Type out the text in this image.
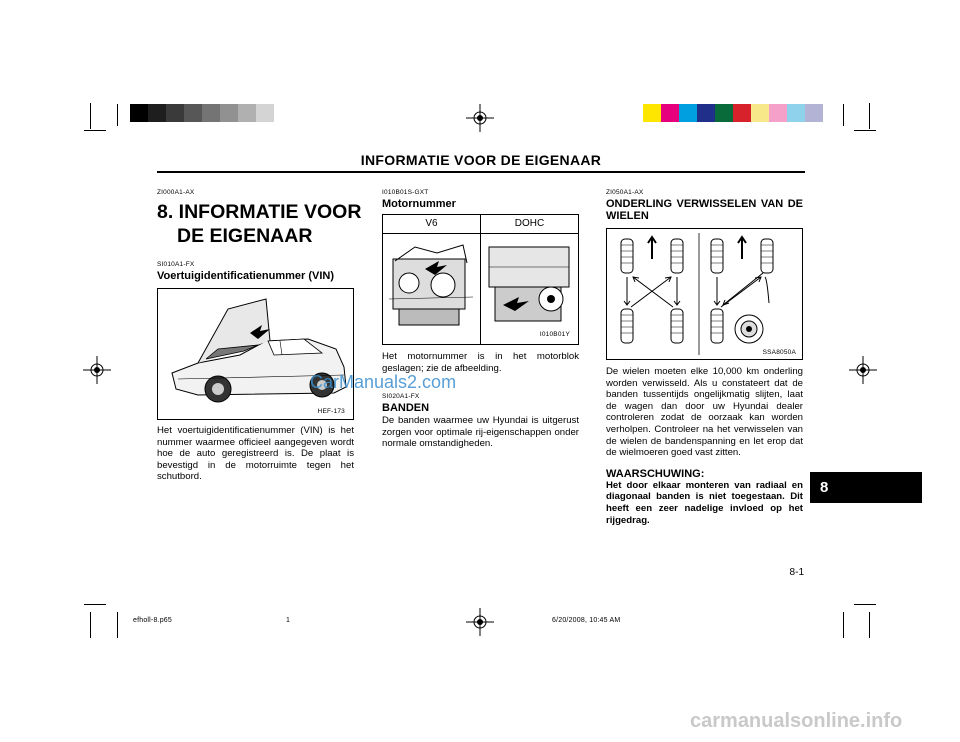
INFORMATIE VOOR DE EIGENAAR
ZI000A1-AX
8. INFORMATIE VOOR
DE EIGENAAR
SI010A1-FX
Voertuigidentificatienummer (VIN)
HEF-173
Het voertuigidentificatienummer (VIN) is het nummer waarmee officieel aangegeven wordt hoe de auto geregistreerd is. De plaat is bevestigd in de motorruimte tegen het schutbord.
I010B01S-GXT
Motornummer
V6	DOHC
I010B01Y
Het motornummer is in het motorblok geslagen; zie de afbeelding.
CarManuals2.com
SI020A1-FX
BANDEN
De banden waarmee uw Hyundai is uitgerust zorgen voor optimale rij-eigenschappen onder normale omstandigheden.
ZI050A1-AX
ONDERLING VERWISSELEN VAN DE WIELEN
SSA8050A
De wielen moeten elke 10,000 km onderling worden verwisseld. Als u constateert dat de banden tussentijds ongelijkmatig slijten, laat de wagen dan door uw Hyundai dealer controleren zodat de oorzaak kan worden verholpen. Controleer na het verwisselen van de wielen de bandenspanning en let erop dat de wielmoeren goed vast zitten.
WAARSCHUWING:
Het door elkaar monteren van radiaal en diagonaal banden is niet toegestaan. Dit heeft een zeer nadelige invloed op het rijgedrag.
8
8-1
efholl-8.p65	1	6/20/2008, 10:45 AM
carmanualsonline.info
